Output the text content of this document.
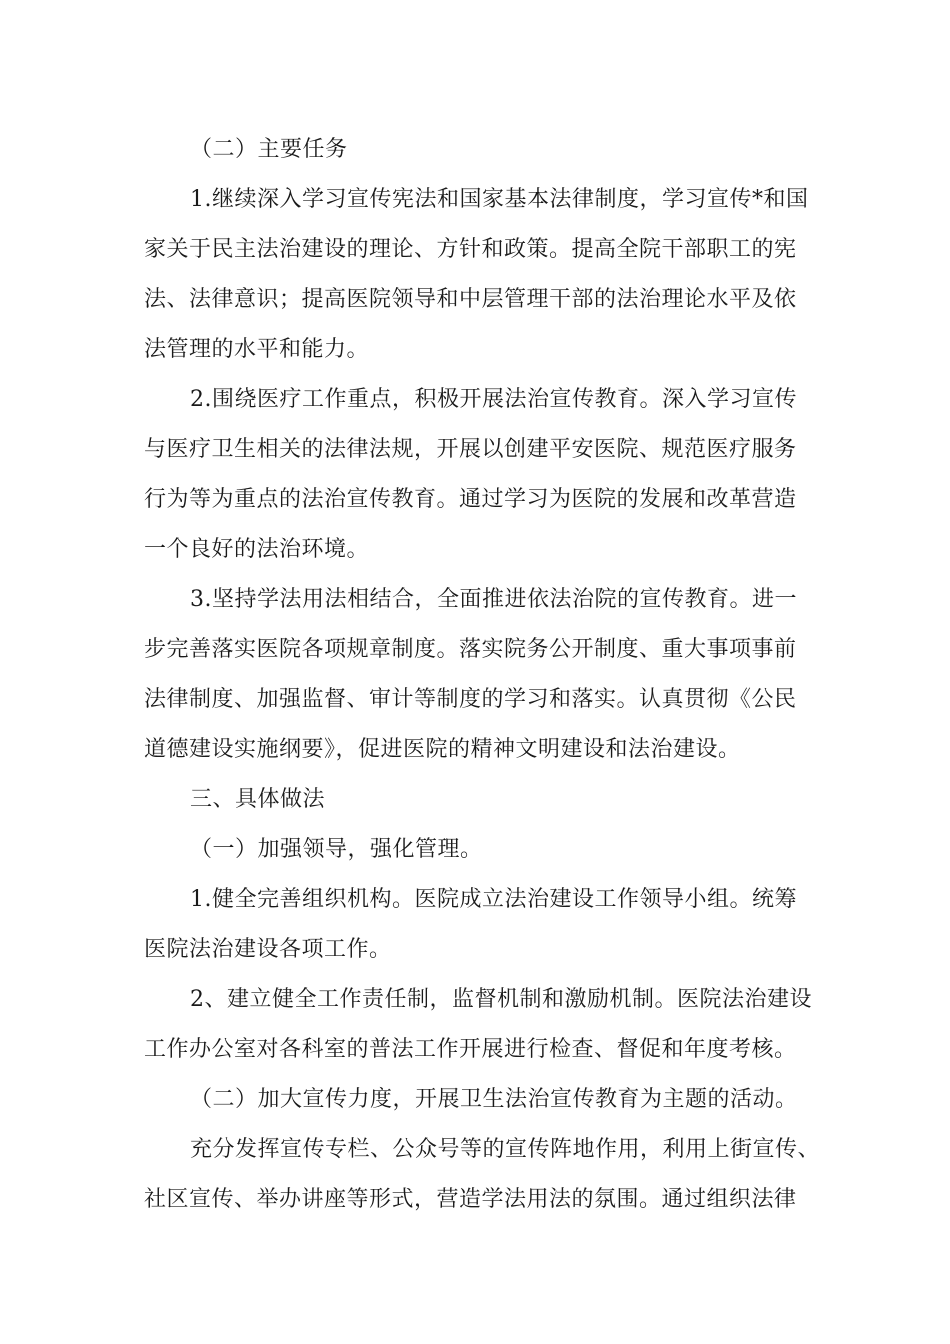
（二）主要任务
1.继续深入学习宣传宪法和国家基本法律制度，学习宣传*和国
家关于民主法治建设的理论、方针和政策。提高全院干部职工的宪
法、法律意识；提高医院领导和中层管理干部的法治理论水平及依
法管理的水平和能力。
2.围绕医疗工作重点，积极开展法治宣传教育。深入学习宣传
与医疗卫生相关的法律法规，开展以创建平安医院、规范医疗服务
行为等为重点的法治宣传教育。通过学习为医院的发展和改革营造
一个良好的法治环境。
3.坚持学法用法相结合，全面推进依法治院的宣传教育。进一
步完善落实医院各项规章制度。落实院务公开制度、重大事项事前
法律制度、加强监督、审计等制度的学习和落实。认真贯彻《公民
道德建设实施纲要》，促进医院的精神文明建设和法治建设。
三、具体做法
（一）加强领导，强化管理。
1.健全完善组织机构。医院成立法治建设工作领导小组。统筹
医院法治建设各项工作。
2、建立健全工作责任制，监督机制和激励机制。医院法治建设
工作办公室对各科室的普法工作开展进行检查、督促和年度考核。
（二）加大宣传力度，开展卫生法治宣传教育为主题的活动。
充分发挥宣传专栏、公众号等的宣传阵地作用，利用上街宣传、
社区宣传、举办讲座等形式，营造学法用法的氛围。通过组织法律
